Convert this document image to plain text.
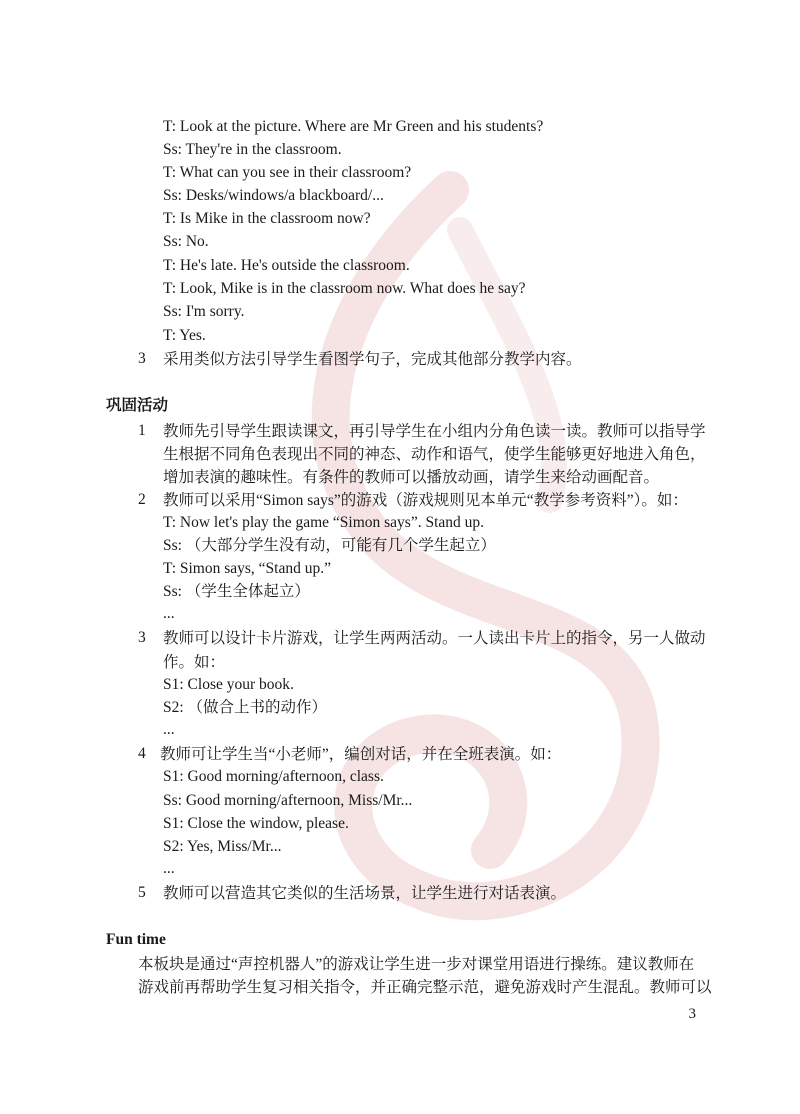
T: Look at the picture. Where are Mr Green and his students?
Ss: They're in the classroom.
T: What can you see in their classroom?
Ss: Desks/windows/a blackboard/...
T: Is Mike in the classroom now?
Ss: No.
T: He's late. He's outside the classroom.
T: Look, Mike is in the classroom now. What does he say?
Ss: I'm sorry.
T: Yes.
3 采用类似方法引导学生看图学句子，完成其他部分教学内容。
巩固活动
1 教师先引导学生跟读课文，再引导学生在小组内分角色读一读。教师可以指导学
生根据不同角色表现出不同的神态、动作和语气，使学生能够更好地进入角色，
增加表演的趣味性。有条件的教师可以播放动画，请学生来给动画配音。
2 教师可以采用“Simon says”的游戏（游戏规则见本单元“教学参考资料”）。如：
T: Now let's play the game “Simon says”. Stand up.
Ss: （大部分学生没有动，可能有几个学生起立）
T: Simon says, “Stand up.”
Ss: （学生全体起立）
...
3 教师可以设计卡片游戏，让学生两两活动。一人读出卡片上的指令，另一人做动
作。如：
S1: Close your book.
S2: （做合上书的动作）
...
4 教师可让学生当“小老师”，编创对话，并在全班表演。如：
S1: Good morning/afternoon, class.
Ss: Good morning/afternoon, Miss/Mr...
S1: Close the window, please.
S2: Yes, Miss/Mr...
...
5 教师可以营造其它类似的生活场景，让学生进行对话表演。
Fun time
本板块是通过“声控机器人”的游戏让学生进一步对课堂用语进行操练。建议教师在
游戏前再帮助学生复习相关指令，并正确完整示范，避免游戏时产生混乱。教师可以
3
